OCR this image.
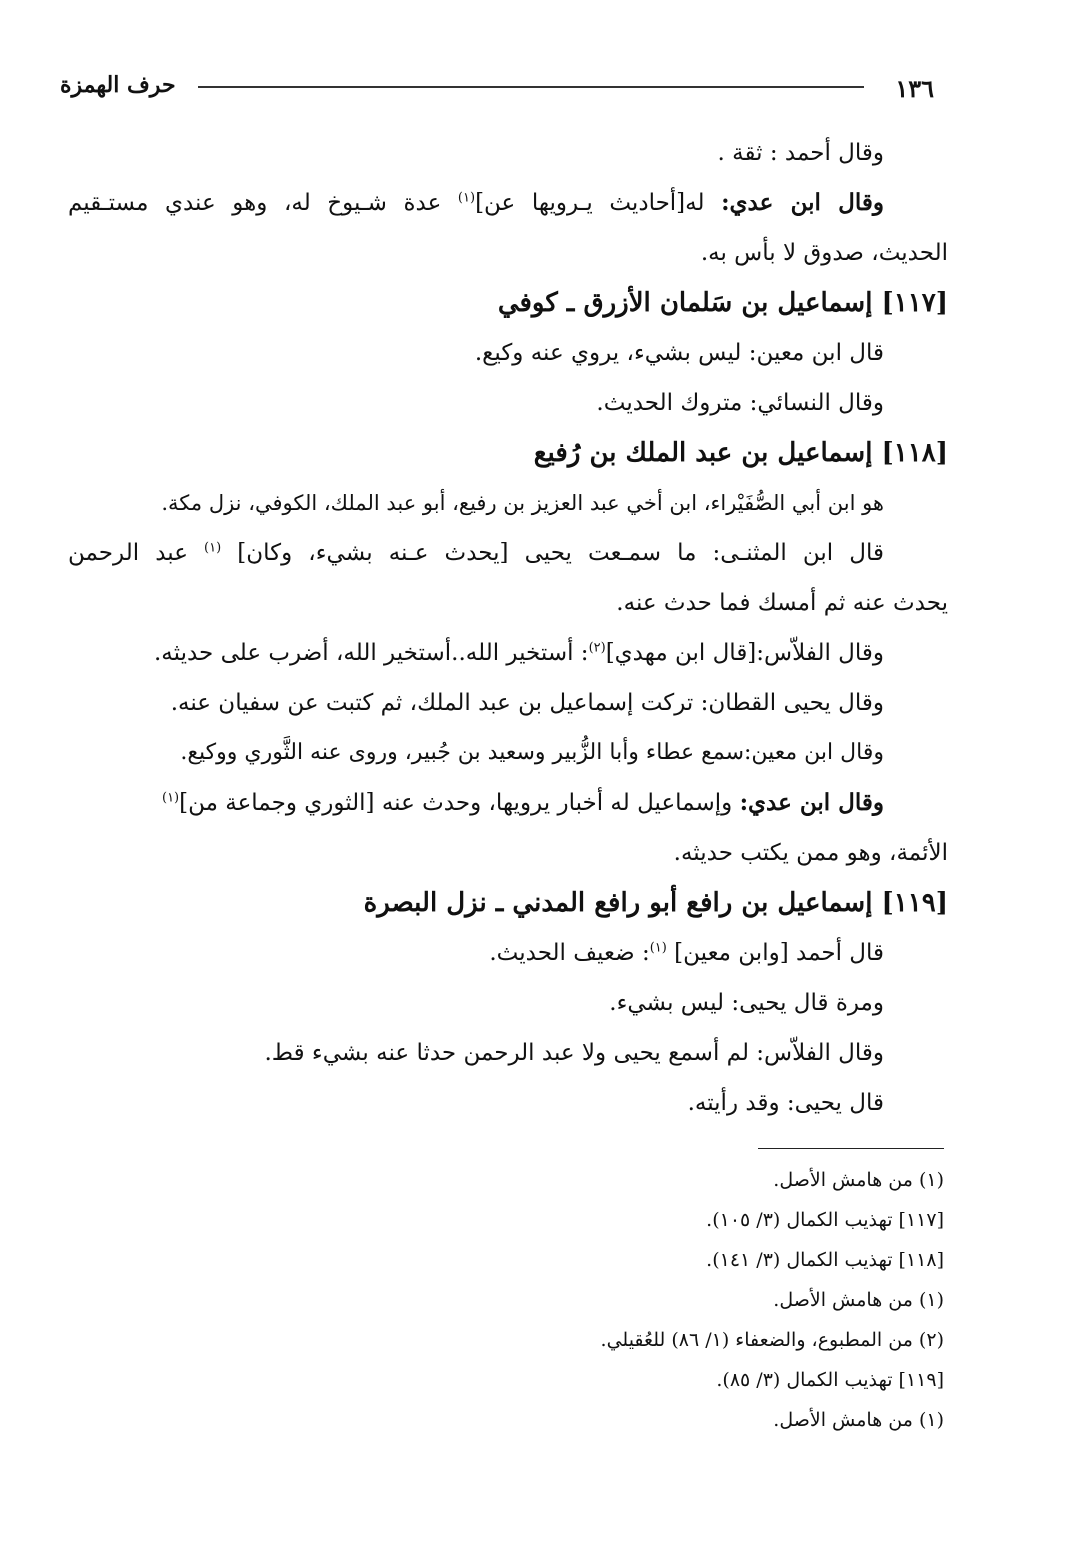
حرف الهمزة	١٣٦
وقال أحمد : ثقة .
وقال ابن عدي: له[أحاديث يـرويها عن]$^{(١)}$ عدة شـيوخ له، وهو عندي مستـقيم
الحديث، صدوق لا بأس به.
[١١٧] إسماعيل بن سَلمان الأزرق ـ كوفي
قال ابن معين: ليس بشيء، يروي عنه وكيع.
وقال النسائي: متروك الحديث.
[١١٨] إسماعيل بن عبد الملك بن رُفيع
هو ابن أبي الصُّفَيْراء، ابن أخي عبد العزيز بن رفيع، أبو عبد الملك، الكوفي، نزل مكة.
قال ابن المثنـى: ما سمـعت يحيى [يحدث عـنه بشيء، وكان] $^{(١)}$ عبد الرحمن
يحدث عنه ثم أمسك فما حدث عنه.
وقال الفلاّس:[قال ابن مهدي]$^{(٢)}$: أستخير الله..أستخير الله، أضرب على حديثه.
وقال يحيى القطان: تركت إسماعيل بن عبد الملك، ثم كتبت عن سفيان عنه.
وقال ابن معين:سمع عطاء وأبا الزُّبير وسعيد بن جُبير، وروى عنه الثَّوري ووكيع.
وقال ابن عدي: وإسماعيل له أخبار يرويها، وحدث عنه [الثوري وجماعة من]$^{(١)}$
الأئمة، وهو ممن يكتب حديثه.
[١١٩] إسماعيل بن رافع أبو رافع المدني ـ نزل البصرة
قال أحمد [وابن معين] $^{(١)}$: ضعيف الحديث.
ومرة قال يحيى: ليس بشيء.
وقال الفلاّس: لم أسمع يحيى ولا عبد الرحمن حدثا عنه بشيء قط.
قال يحيى: وقد رأيته.
(١) من هامش الأصل.
[١١٧] تهذيب الكمال (٣/ ١٠٥).
[١١٨] تهذيب الكمال (٣/ ١٤١).
(١) من هامش الأصل.
(٢) من المطبوع، والضعفاء (١/ ٨٦) للعُقيلي.
[١١٩] تهذيب الكمال (٣/ ٨٥).
(١) من هامش الأصل.
